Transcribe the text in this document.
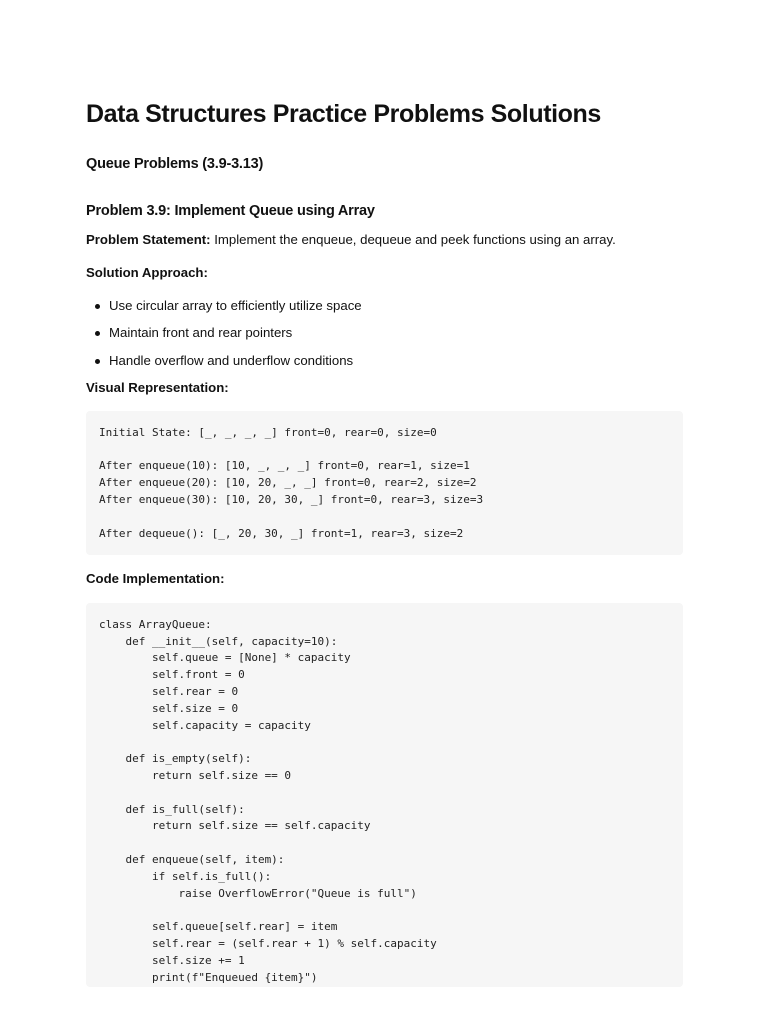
Data Structures Practice Problems Solutions
Queue Problems (3.9-3.13)
Problem 3.9: Implement Queue using Array

Problem Statement: Implement the enqueue, dequeue and peek functions using an array.

Solution Approach:

Use circular array to efficiently utilize space
Maintain front and rear pointers
Handle overflow and underflow conditions

Visual Representation:

Initial State: [_, _, _, _] front=0, rear=0, size=0

After enqueue(10): [10, _, _, _] front=0, rear=1, size=1
After enqueue(20): [10, 20, _, _] front=0, rear=2, size=2
After enqueue(30): [10, 20, 30, _] front=0, rear=3, size=3

After dequeue(): [_, 20, 30, _] front=1, rear=3, size=2

Code Implementation:

class ArrayQueue:
def __init__(self, capacity=10):
self.queue = [None] * capacity
self.front = 0
self.rear = 0
self.size = 0
self.capacity = capacity

def is_empty(self):
return self.size == 0

def is_full(self):
return self.size == self.capacity

def enqueue(self, item):
if self.is_full():
raise OverflowError("Queue is full")

self.queue[self.rear] = item
self.rear = (self.rear + 1) % self.capacity
self.size += 1
print(f"Enqueued {item}")
